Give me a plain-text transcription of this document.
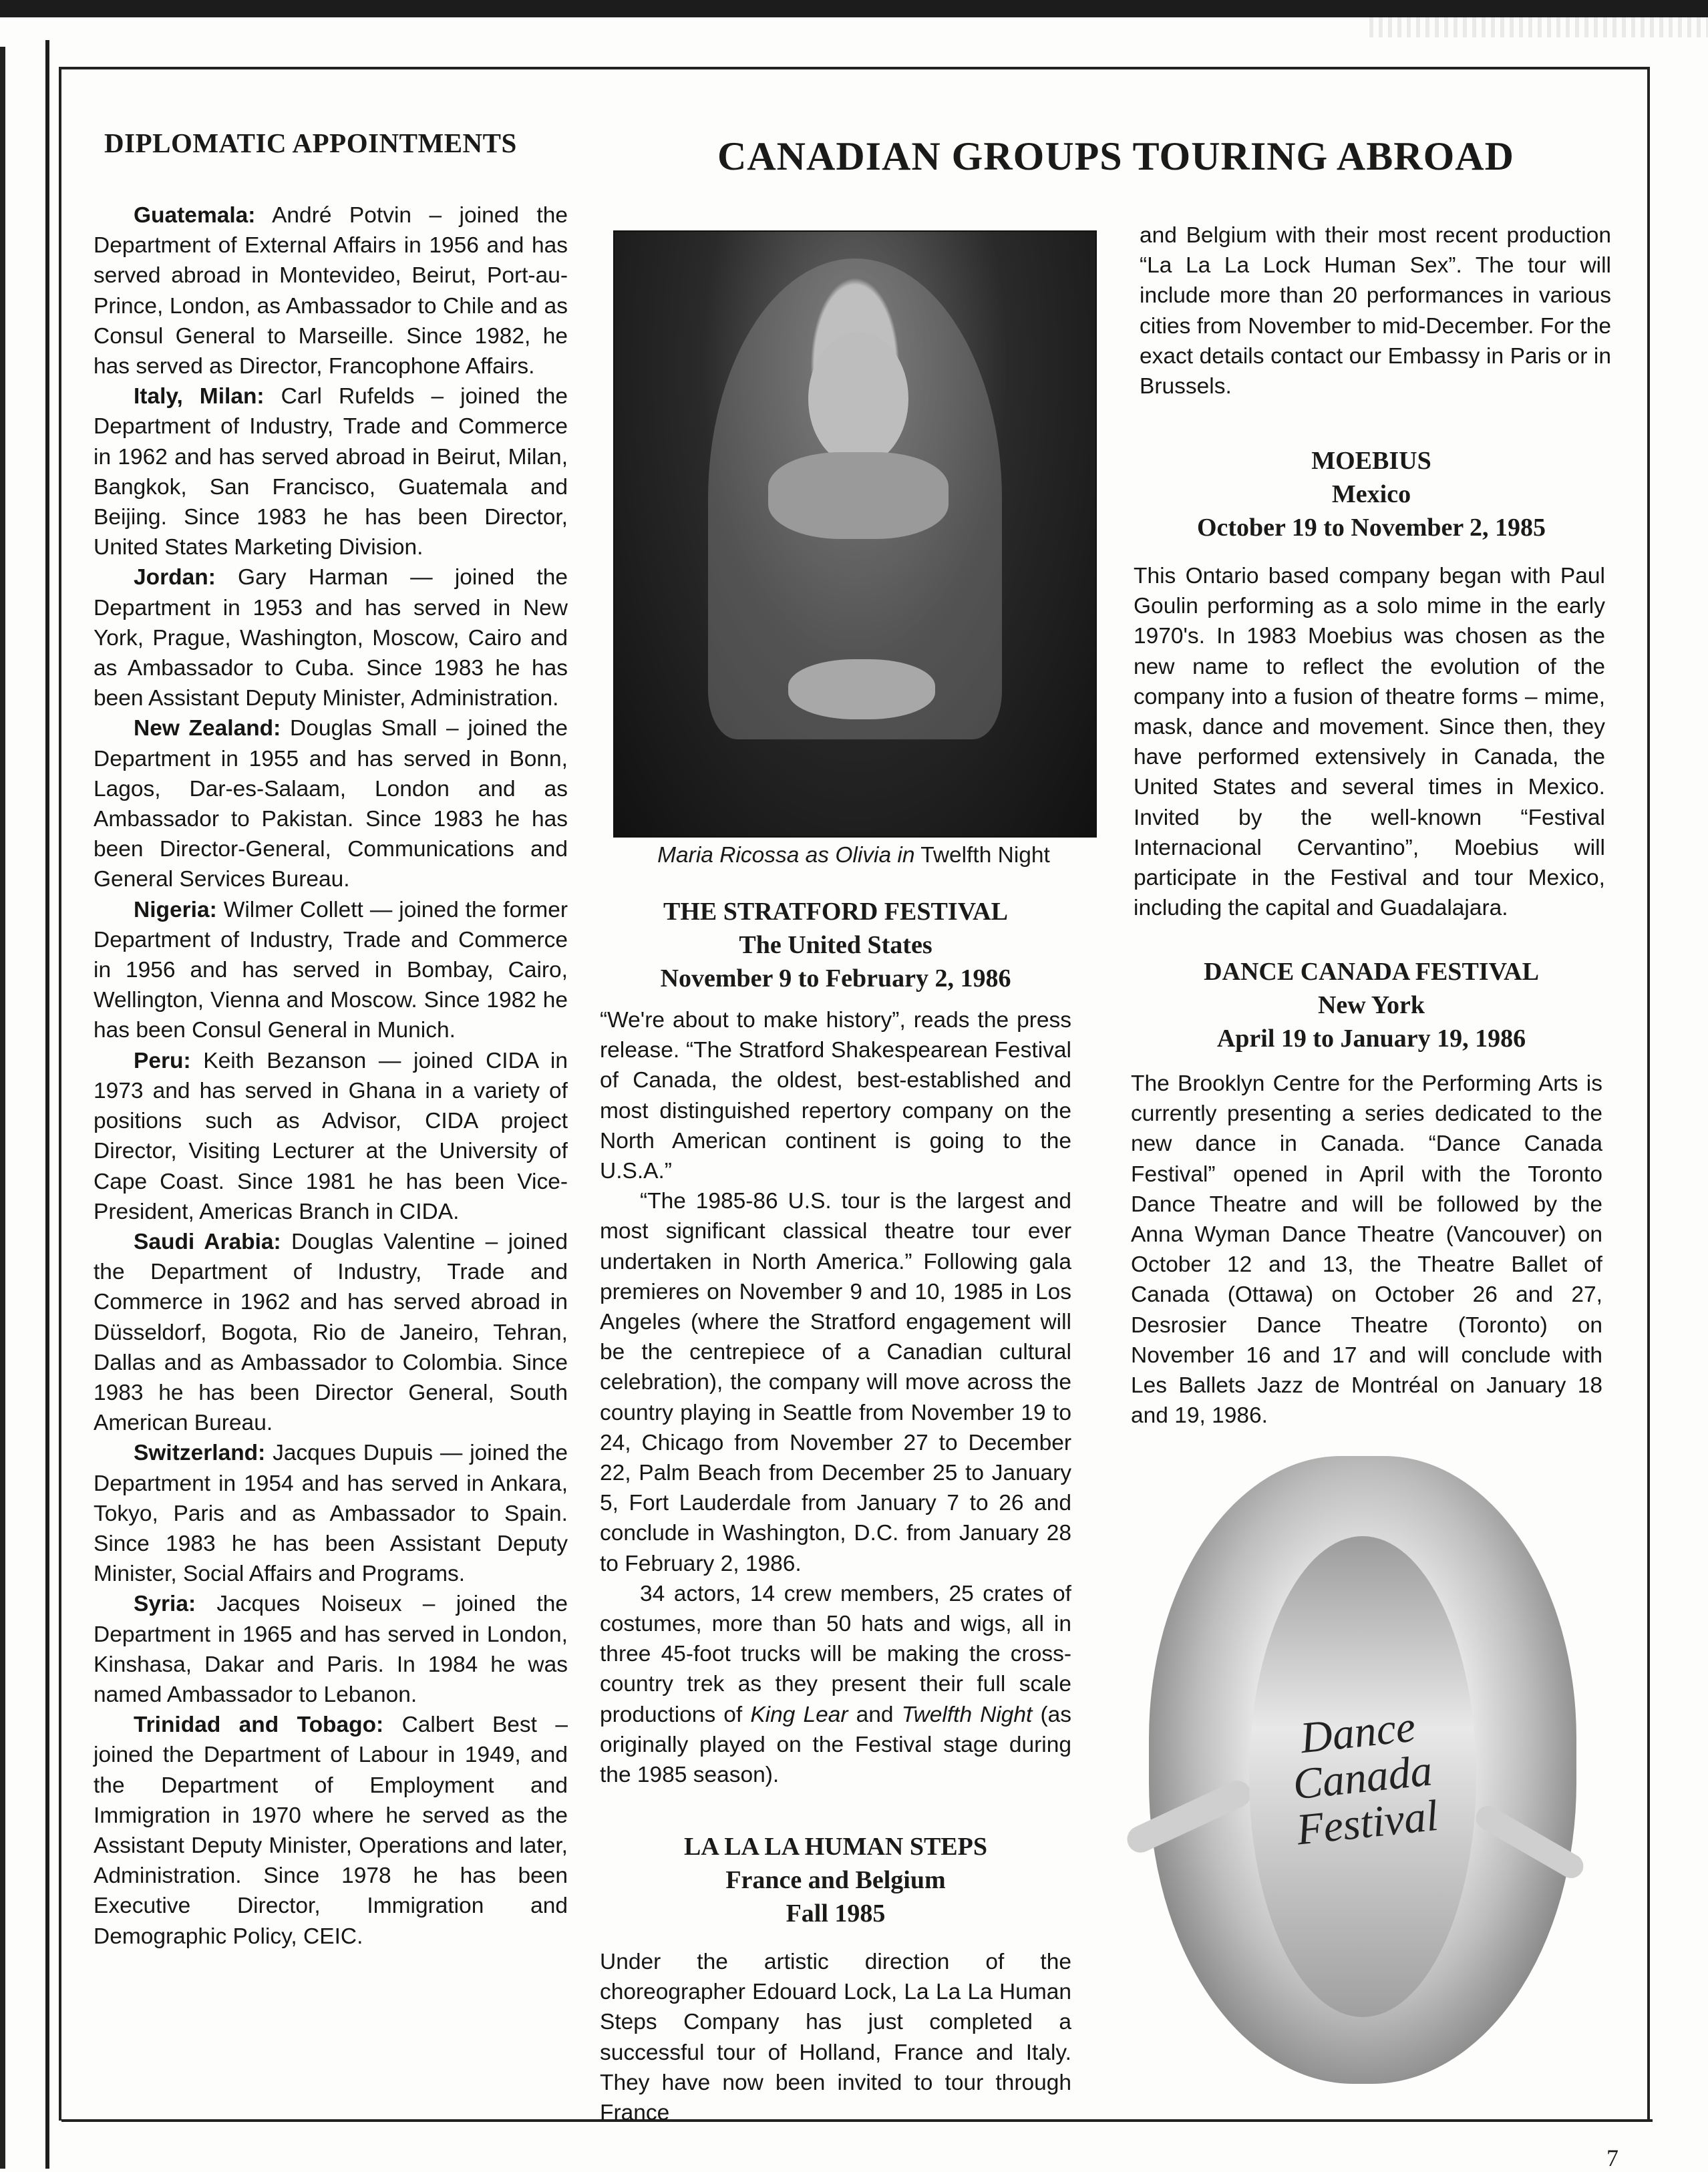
DIPLOMATIC APPOINTMENTS	CANADIAN GROUPS TOURING ABROAD

Guatemala: André Potvin – joined the Department of External Affairs in 1956 and has served abroad in Montevideo, Beirut, Port-au-Prince, London, as Ambassador to Chile and as Consul General to Marseille. Since 1982, he has served as Director, Francophone Affairs.

Italy, Milan: Carl Rufelds – joined the Department of Industry, Trade and Commerce in 1962 and has served abroad in Beirut, Milan, Bangkok, San Francisco, Guatemala and Beijing. Since 1983 he has been Director, United States Marketing Division.

Jordan: Gary Harman — joined the Department in 1953 and has served in New York, Prague, Washington, Moscow, Cairo and as Ambassador to Cuba. Since 1983 he has been Assistant Deputy Minister, Administration.

New Zealand: Douglas Small – joined the Department in 1955 and has served in Bonn, Lagos, Dar-es-Salaam, London and as Ambassador to Pakistan. Since 1983 he has been Director-General, Communications and General Services Bureau.

Nigeria: Wilmer Collett — joined the former Department of Industry, Trade and Commerce in 1956 and has served in Bombay, Cairo, Wellington, Vienna and Moscow. Since 1982 he has been Consul General in Munich.

Peru: Keith Bezanson — joined CIDA in 1973 and has served in Ghana in a variety of positions such as Advisor, CIDA project Director, Visiting Lecturer at the University of Cape Coast. Since 1981 he has been Vice-President, Americas Branch in CIDA.

Saudi Arabia: Douglas Valentine – joined the Department of Industry, Trade and Commerce in 1962 and has served abroad in Düsseldorf, Bogota, Rio de Janeiro, Tehran, Dallas and as Ambassador to Colombia. Since 1983 he has been Director General, South American Bureau.

Switzerland: Jacques Dupuis — joined the Department in 1954 and has served in Ankara, Tokyo, Paris and as Ambassador to Spain. Since 1983 he has been Assistant Deputy Minister, Social Affairs and Programs.

Syria: Jacques Noiseux – joined the Department in 1965 and has served in London, Kinshasa, Dakar and Paris. In 1984 he was named Ambassador to Lebanon.

Trinidad and Tobago: Calbert Best – joined the Department of Labour in 1949, and the Department of Employment and Immigration in 1970 where he served as the Assistant Deputy Minister, Operations and later, Administration. Since 1978 he has been Executive Director, Immigration and Demographic Policy, CEIC.

Maria Ricossa as Olivia in Twelfth Night
THE STRATFORD FESTIVAL
The United States
November 9 to February 2, 1986

“We're about to make history”, reads the press release. “The Stratford Shakespearean Festival of Canada, the oldest, best-established and most distinguished repertory company on the North American continent is going to the U.S.A.”

“The 1985-86 U.S. tour is the largest and most significant classical theatre tour ever undertaken in North America.” Following gala premieres on November 9 and 10, 1985 in Los Angeles (where the Stratford engagement will be the centrepiece of a Canadian cultural celebration), the company will move across the country playing in Seattle from November 19 to 24, Chicago from November 27 to December 22, Palm Beach from December 25 to January 5, Fort Lauderdale from January 7 to 26 and conclude in Washington, D.C. from January 28 to February 2, 1986.

34 actors, 14 crew members, 25 crates of costumes, more than 50 hats and wigs, all in three 45-foot trucks will be making the cross-country trek as they present their full scale productions of King Lear and Twelfth Night (as originally played on the Festival stage during the 1985 season).

LA LA LA HUMAN STEPS
France and Belgium
Fall 1985

Under the artistic direction of the choreographer Edouard Lock, La La La Human Steps Company has just completed a successful tour of Holland, France and Italy. They have now been invited to tour through France

and Belgium with their most recent production “La La La Lock Human Sex”. The tour will include more than 20 performances in various cities from November to mid-December. For the exact details contact our Embassy in Paris or in Brussels.

MOEBIUS
Mexico
October 19 to November 2, 1985

This Ontario based company began with Paul Goulin performing as a solo mime in the early 1970's. In 1983 Moebius was chosen as the new name to reflect the evolution of the company into a fusion of theatre forms – mime, mask, dance and movement. Since then, they have performed extensively in Canada, the United States and several times in Mexico. Invited by the well-known “Festival Internacional Cervantino”, Moebius will participate in the Festival and tour Mexico, including the capital and Guadalajara.

DANCE CANADA FESTIVAL
New York
April 19 to January 19, 1986

The Brooklyn Centre for the Performing Arts is currently presenting a series dedicated to the new dance in Canada. “Dance Canada Festival” opened in April with the Toronto Dance Theatre and will be followed by the Anna Wyman Dance Theatre (Vancouver) on October 12 and 13, the Theatre Ballet of Canada (Ottawa) on October 26 and 27, Desrosier Dance Theatre (Toronto) on November 16 and 17 and will conclude with Les Ballets Jazz de Montréal on January 18 and 19, 1986.

Dance
Canada
Festival
7
